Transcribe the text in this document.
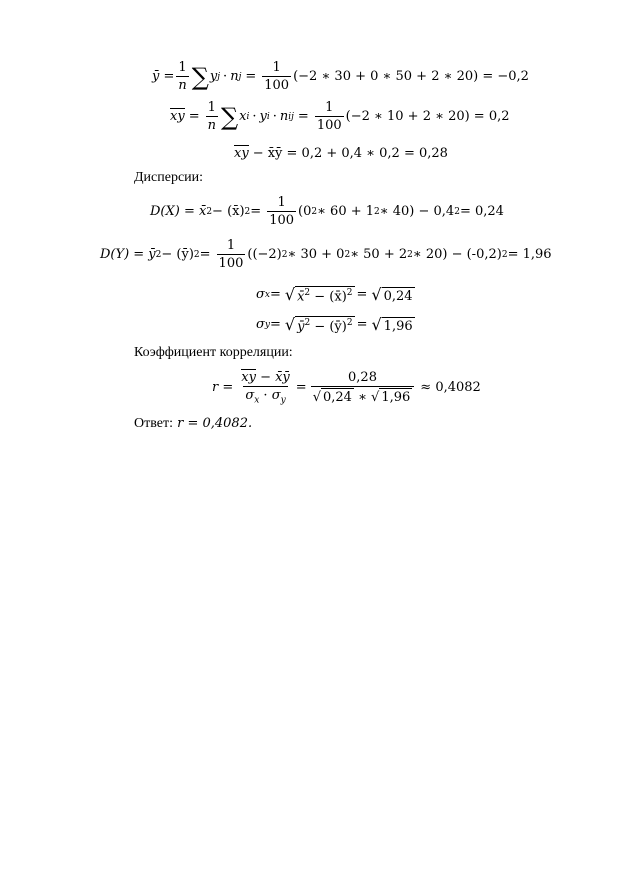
ȳ = $\frac{1}{n}$ ∑ y j · n $j = \frac{1}{100} (-2$ ∗ 30 + 0 ∗ 50 + 2 ∗ 20) = −0,2
xy = $\frac{1}{n}$ ∑ x i · y i · n ij = $\frac{1}{100} (-2$ ∗ 10 + 2 ∗ 20) = 0,2
xy − x̄ȳ = 0,2 + 0,4 ∗ 0,2 = 0,28
Дисперсии:
D(X) = x̄ 2 − (x̄) $2 = \frac{1}{100} (0$ 2 ∗ 60 + 1 2 ∗ 40) − 0,4 2 = 0,24
D(Y) = ȳ 2 − (ȳ) $2 = \frac{1}{100} ((-2)$ 2 ∗ 30 + 0 2 ∗ 50 + 2 2 ∗ 20) − (-0,2) 2 = 1,96
σ x = √ x̄$^2$ − (x̄)$^2$ = √ 0,24
σ y = √ $ȳ^2$ − (ȳ)$^2$ = √ 1,96
Коэффициент корреляции:
$r = \frac{xy - x̄ȳ}{\sigma_x \cdot \sigma_y} = \frac{0,28}{√ 0,24 ∗ √ 1,96} \approx 0,4082$
Ответ: r = 0,4082.
